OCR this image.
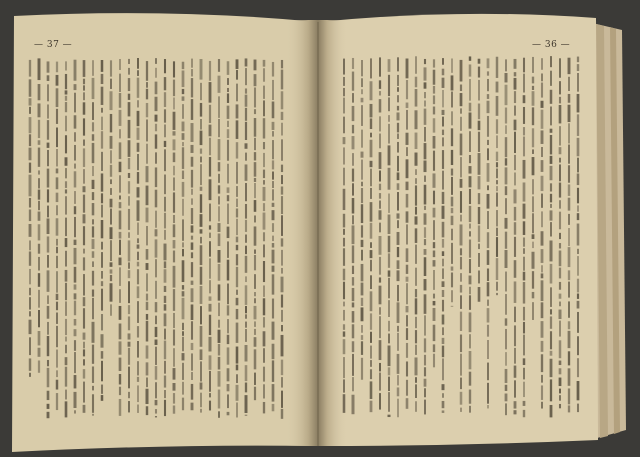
— 37 —	— 36 —
